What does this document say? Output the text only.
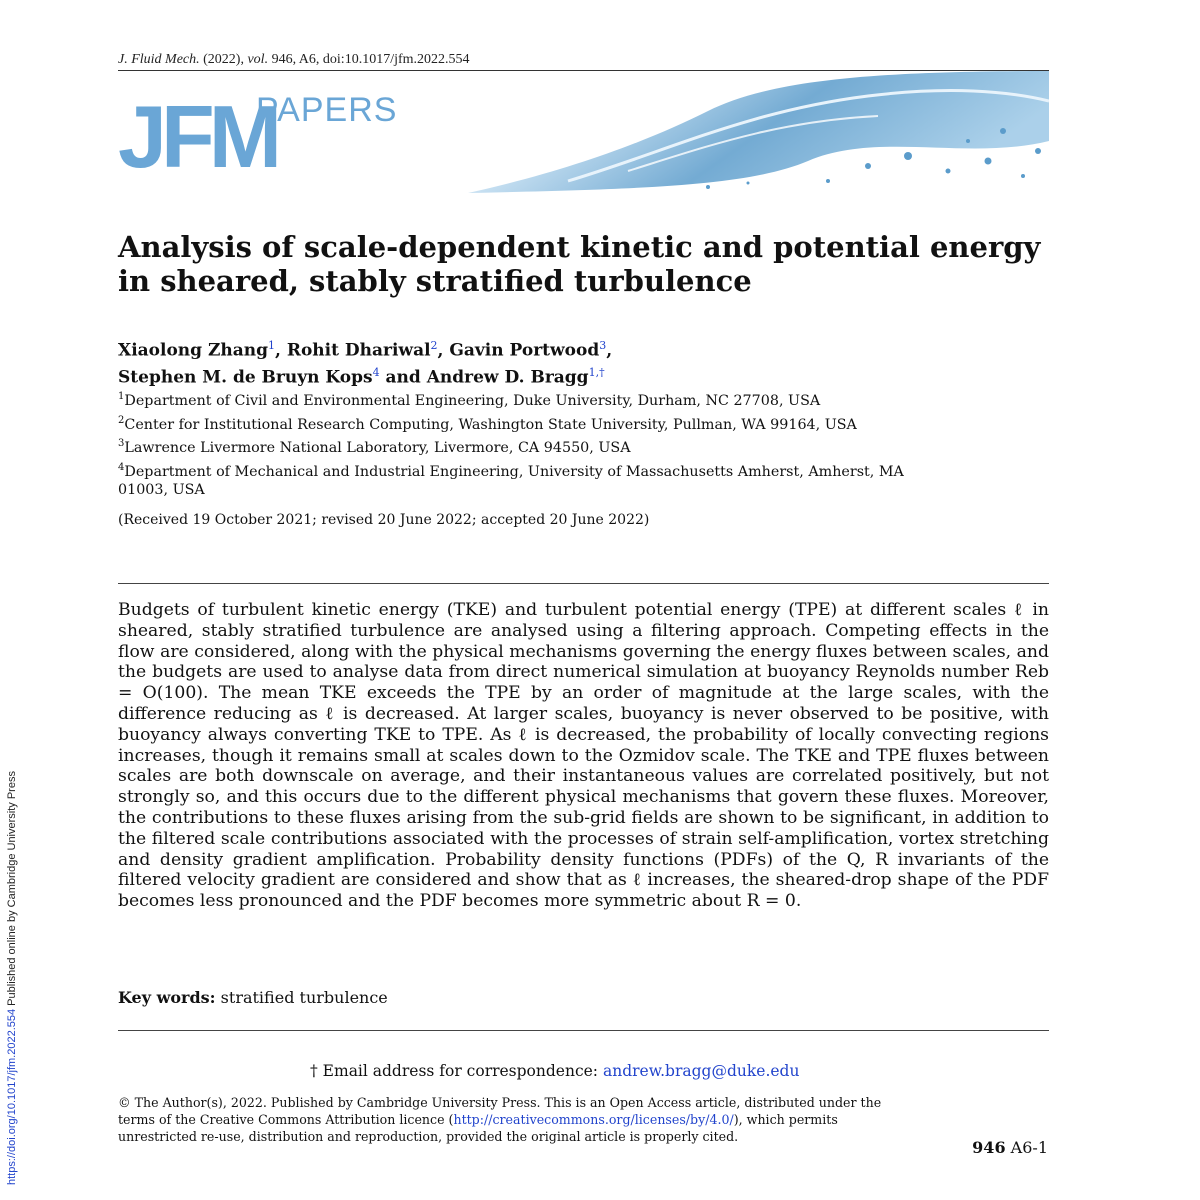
J. Fluid Mech. (2022), vol. 946, A6, doi:10.1017/jfm.2022.554
JFM
PAPERS
Analysis of scale-dependent kinetic and potential energy in sheared, stably stratified turbulence
Xiaolong Zhang$^1$, Rohit Dhariwal$^2$, Gavin Portwood$^3$,
Stephen M. de Bruyn Kops$^4$ and Andrew D. Bragg$^{1,\dagger}$
$^1$Department of Civil and Environmental Engineering, Duke University, Durham, NC 27708, USA
$^2$Center for Institutional Research Computing, Washington State University, Pullman, WA 99164, USA
$^3$Lawrence Livermore National Laboratory, Livermore, CA 94550, USA
$^4$Department of Mechanical and Industrial Engineering, University of Massachusetts Amherst, Amherst, MA 01003, USA
(Received 19 October 2021; revised 20 June 2022; accepted 20 June 2022)
Budgets of turbulent kinetic energy (TKE) and turbulent potential energy (TPE) at different scales ℓ in sheared, stably stratified turbulence are analysed using a filtering approach. Competing effects in the flow are considered, along with the physical mechanisms governing the energy fluxes between scales, and the budgets are used to analyse data from direct numerical simulation at buoyancy Reynolds number Reb = O(100). The mean TKE exceeds the TPE by an order of magnitude at the large scales, with the difference reducing as ℓ is decreased. At larger scales, buoyancy is never observed to be positive, with buoyancy always converting TKE to TPE. As ℓ is decreased, the probability of locally convecting regions increases, though it remains small at scales down to the Ozmidov scale. The TKE and TPE fluxes between scales are both downscale on average, and their instantaneous values are correlated positively, but not strongly so, and this occurs due to the different physical mechanisms that govern these fluxes. Moreover, the contributions to these fluxes arising from the sub-grid fields are shown to be significant, in addition to the filtered scale contributions associated with the processes of strain self-amplification, vortex stretching and density gradient amplification. Probability density functions (PDFs) of the Q, R invariants of the filtered velocity gradient are considered and show that as ℓ increases, the sheared-drop shape of the PDF becomes less pronounced and the PDF becomes more symmetric about R = 0.
Key words: stratified turbulence
† Email address for correspondence: andrew.bragg@duke.edu
© The Author(s), 2022. Published by Cambridge University Press. This is an Open Access article, distributed under the terms of the Creative Commons Attribution licence (http://creativecommons.org/licenses/by/4.0/), which permits unrestricted re-use, distribution and reproduction, provided the original article is properly cited.
946 A6-1
https://doi.org/10.1017/jfm.2022.554 Published online by Cambridge University Press
